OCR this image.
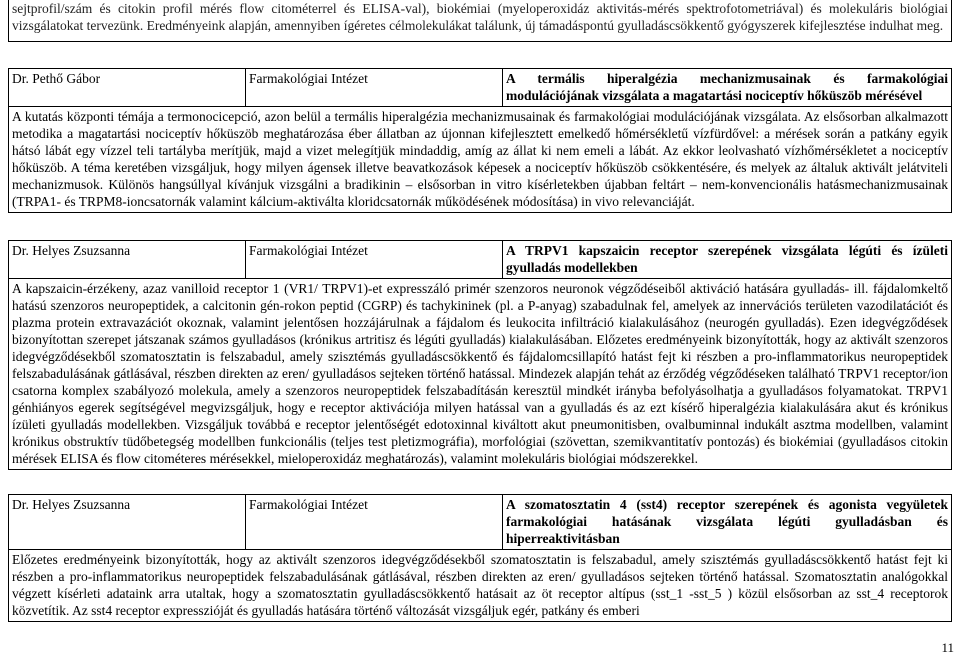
sejtprofil/szám és citokin profil mérés flow citométerrel és ELISA-val), biokémiai (myeloperoxidáz aktivitás-mérés spektrofotometriával) és molekuláris biológiai vizsgálatokat tervezünk. Eredményeink alapján, amennyiben ígéretes célmolekulákat találunk, új támadáspontú gyulladáscsökkentő gyógyszerek kifejlesztése indulhat meg.
Dr. Pethő Gábor	Farmakológiai Intézet	A termális hiperalgézia mechanizmusainak és farmakológiai modulációjának vizsgálata a magatartási nociceptív hőküszöb mérésével
A kutatás központi témája a termonocicepció, azon belül a termális hiperalgézia mechanizmusainak és farmakológiai modulációjának vizsgálata. Az elsősorban alkalmazott metodika a magatartási nociceptív hőküszöb meghatározása éber állatban az újonnan kifejlesztett emelkedő hőmérsékletű vízfürdővel: a mérések során a patkány egyik hátsó lábát egy vízzel teli tartályba merítjük, majd a vizet melegítjük mindaddig, amíg az állat ki nem emeli a lábát. Az ekkor leolvasható vízhőmérsékletet a nociceptív hőküszöb. A téma keretében vizsgáljuk, hogy milyen ágensek illetve beavatkozások képesek a nociceptív hőküszöb csökkentésére, és melyek az általuk aktivált jelátviteli mechanizmusok. Különös hangsúllyal kívánjuk vizsgálni a bradikinin – elsősorban in vitro kísérletekben újabban feltárt – nem-konvencionális hatásmechanizmusainak (TRPA1- és TRPM8-ioncsatornák valamint kálcium-aktiválta kloridcsatornák működésének módosítása) in vivo relevanciáját.
Dr. Helyes Zsuzsanna	Farmakológiai Intézet	A TRPV1 kapszaicin receptor szerepének vizsgálata légúti és ízületi gyulladás modellekben
A kapszaicin-érzékeny, azaz vanilloid receptor 1 (VR1/ TRPV1)-et expresszáló primér szenzoros neuronok végződéseiből aktiváció hatására gyulladás- ill. fájdalomkeltő hatású szenzoros neuropeptidek, a calcitonin gén-rokon peptid (CGRP) és tachykininek (pl. a P-anyag) szabadulnak fel, amelyek az innervációs területen vazodilatációt és plazma protein extravazációt okoznak, valamint jelentősen hozzájárulnak a fájdalom és leukocita infiltráció kialakulásához (neurogén gyulladás). Ezen idegvégződések bizonyítottan szerepet játszanak számos gyulladásos (krónikus artritisz és légúti gyulladás) kialakulásában. Előzetes eredményeink bizonyították, hogy az aktivált szenzoros idegvégződésekből szomatosztatin is felszabadul, amely szisztémás gyulladáscsökkentő és fájdalomcsillapító hatást fejt ki részben a pro-inflammatorikus neuropeptidek felszabadulásának gátlásával, részben direkten az eren/ gyulladásos sejteken történő hatással. Mindezek alapján tehát az érződég végződéseken található TRPV1 receptor/ion csatorna komplex szabályozó molekula, amely a szenzoros neuropeptidek felszabadításán keresztül mindkét irányba befolyásolhatja a gyulladásos folyamatokat. TRPV1 génhiányos egerek segítségével megvizsgáljuk, hogy e receptor aktivációja milyen hatással van a gyulladás és az ezt kísérő hiperalgézia kialakulására akut és krónikus ízületi gyulladás modellekben. Vizsgáljuk továbbá e receptor jelentőségét edotoxinnal kiváltott akut pneumonitisben, ovalbuminnal indukált asztma modellben, valamint krónikus obstruktív tüdőbetegség modellben funkcionális (teljes test pletizmográfia), morfológiai (szövettan, szemikvantitatív pontozás) és biokémiai (gyulladásos citokin mérések ELISA és flow citométeres mérésekkel, mieloperoxidáz meghatározás), valamint molekuláris biológiai módszerekkel.
Dr. Helyes Zsuzsanna	Farmakológiai Intézet	A szomatosztatin 4 (sst4) receptor szerepének és agonista vegyületek farmakológiai hatásának vizsgálata légúti gyulladásban és hiperreaktivitásban
Előzetes eredményeink bizonyították, hogy az aktivált szenzoros idegvégződésekből szomatosztatin is felszabadul, amely szisztémás gyulladáscsökkentő hatást fejt ki részben a pro-inflammatorikus neuropeptidek felszabadulásának gátlásával, részben direkten az eren/ gyulladásos sejteken történő hatással. Szomatosztatin analógokkal végzett kísérleti adataink arra utaltak, hogy a szomatosztatin gyulladáscsökkentő hatásait az öt receptor altípus (sst_1 -sst_5 ) közül elsősorban az sst_4 receptorok közvetítik. Az sst4 receptor expresszióját és gyulladás hatására történő változását vizsgáljuk egér, patkány és emberi
11
